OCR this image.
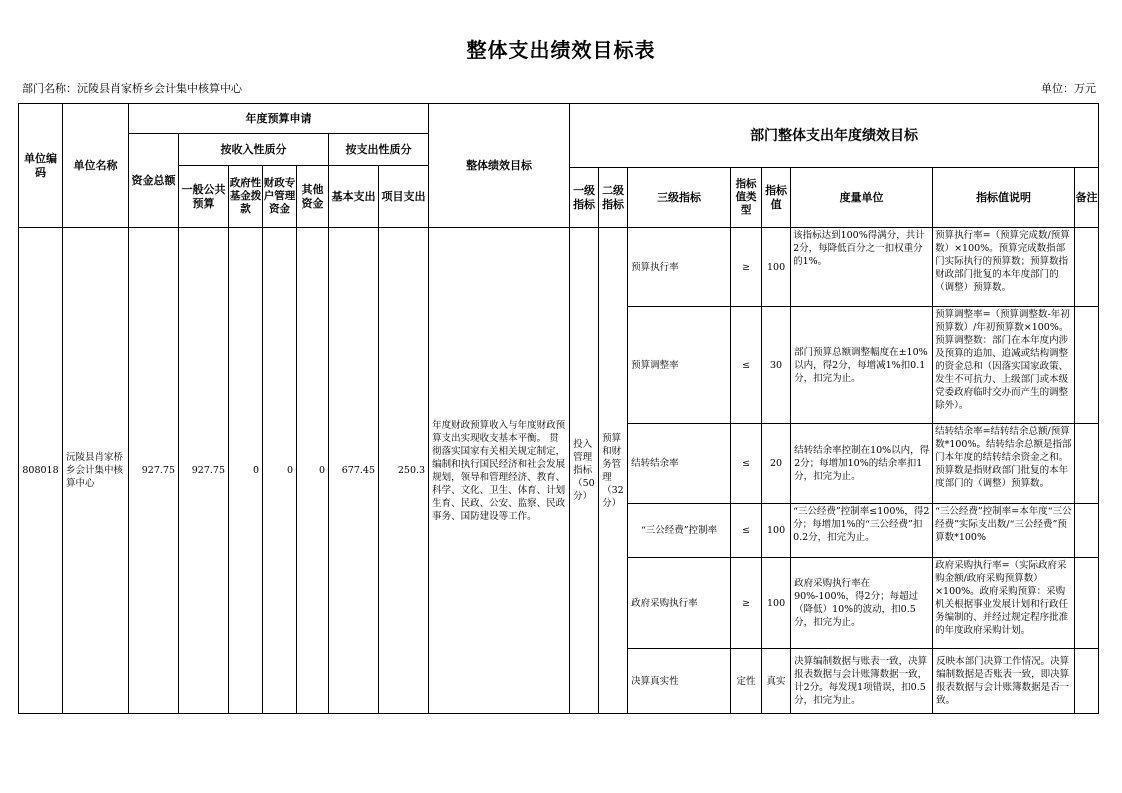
整体支出绩效目标表
部门名称：沅陵县肖家桥乡会计集中核算中心	单位：万元
单位编码	单位名称	年度预算申请							整体绩效目标	部门整体支出年度绩效目标							
		资金总额	按收入性质分				按支出性质分										
			一般公共预算	政府性基金拨款	财政专户管理资金	其他资金	基本支出	项目支出									
										一级指标	二级指标	三级指标	指标值类型	指标值	度量单位	指标值说明	备注
808018	沅陵县肖家桥乡会计集中核算中心	927.75	927.75	0	0	0	677.45	250.3	年度财政预算收入与年度财政预算支出实现收支基本平衡。 贯彻落实国家有关相关规定制定，编制和执行国民经济和社会发展规划，领导和管理经济、教育、科学、文化、卫生、体育、计划生育、民政、公安、监察、民政事务、国防建设等工作。	投入管理指标（50分）	预算和财务管理（32分）	预算执行率	≥	100	该指标达到100%得满分，共计2分，每降低百分之一扣权重分的1%。	预算执行率=（预算完成数/预算数）×100%。预算完成数指部门实际执行的预算数；预算数指财政部门批复的本年度部门的（调整）预算数。	

												预算调整率	≤	30	部门预算总额调整幅度在±10%以内，得2分，每增减1%扣0.1分，扣完为止。	预算调整率=（预算调整数-年初预算数）/年初预算数×100%。预算调整数：部门在本年度内涉及预算的追加、追减或结构调整的资金总和（因落实国家政策、发生不可抗力、上级部门或本级党委政府临时交办而产生的调整除外）。	

												结转结余率	≤	20	结转结余率控制在10%以内，得2分；每增加10%的结余率扣1分，扣完为止。	结转结余率=结转结余总额/预算数*100%。结转结余总额是指部门本年度的结转结余资金之和。预算数是指财政部门批复的本年度部门的（调整）预算数。	

												“三公经费”控制率	≤	100	“三公经费”控制率≤100%，得2分；每增加1%的“三公经费”扣0.2分，扣完为止。	“三公经费”控制率=本年度“三公经费”实际支出数/“三公经费”预算数*100%	

												政府采购执行率	≥	100	政府采购执行率在90%-100%，得2分；每超过（降低）10%的波动，扣0.5分，扣完为止。	政府采购执行率=（实际政府采购金额/政府采购预算数）×100%。政府采购预算：采购机关根据事业发展计划和行政任务编制的、并经过规定程序批准的年度政府采购计划。	

												决算真实性	定性	真实	决算编制数据与账表一致，决算报表数据与会计账簿数据一致，计2分。每发现1项错误，扣0.5分，扣完为止。	反映本部门决算工作情况。决算编制数据是否账表一致，即决算报表数据与会计账簿数据是否一致。	
